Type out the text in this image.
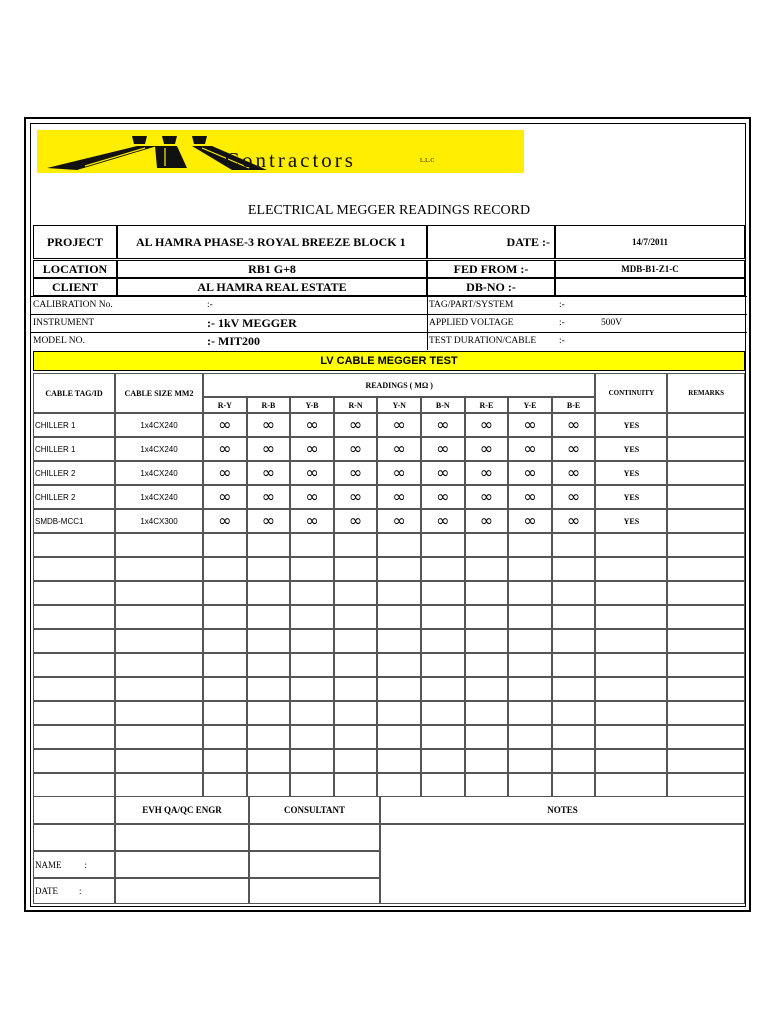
Contractors	L.L.C
ELECTRICAL MEGGER READINGS RECORD
PROJECT	AL HAMRA PHASE-3 ROYAL BREEZE BLOCK 1	DATE :-	14/7/2011
LOCATION	RB1 G+8	FED FROM :-	MDB-B1-Z1-C
CLIENT	AL HAMRA REAL ESTATE	DB-NO :-
CALIBRATION No.	:-	TAG/PART/SYSTEM	:-
INSTRUMENT	:- 1kV MEGGER	APPLIED VOLTAGE	:-	500V
MODEL NO.	:- MIT200	TEST DURATION/CABLE :-
LV CABLE MEGGER TEST
CABLE TAG/ID	CABLE SIZE MM2
READINGS ( MΩ )
R-Y	R-B	Y-B	R-N	Y-N	B-N	R-E	Y-E	B-E
CONTINUITY	REMARKS
CHILLER 1	1x4CX240	∞	∞	∞	∞	∞	∞	∞	∞	∞	YES
CHILLER 1	1x4CX240	∞	∞	∞	∞	∞	∞	∞	∞	∞	YES
CHILLER 2	1x4CX240	∞	∞	∞	∞	∞	∞	∞	∞	∞	YES
CHILLER 2	1x4CX240	∞	∞	∞	∞	∞	∞	∞	∞	∞	YES
SMDB-MCC1	1x4CX300	∞	∞	∞	∞	∞	∞	∞	∞	∞	YES
EVH QA/QC ENGR	CONSULTANT	NOTES
NAME	:
DATE :
